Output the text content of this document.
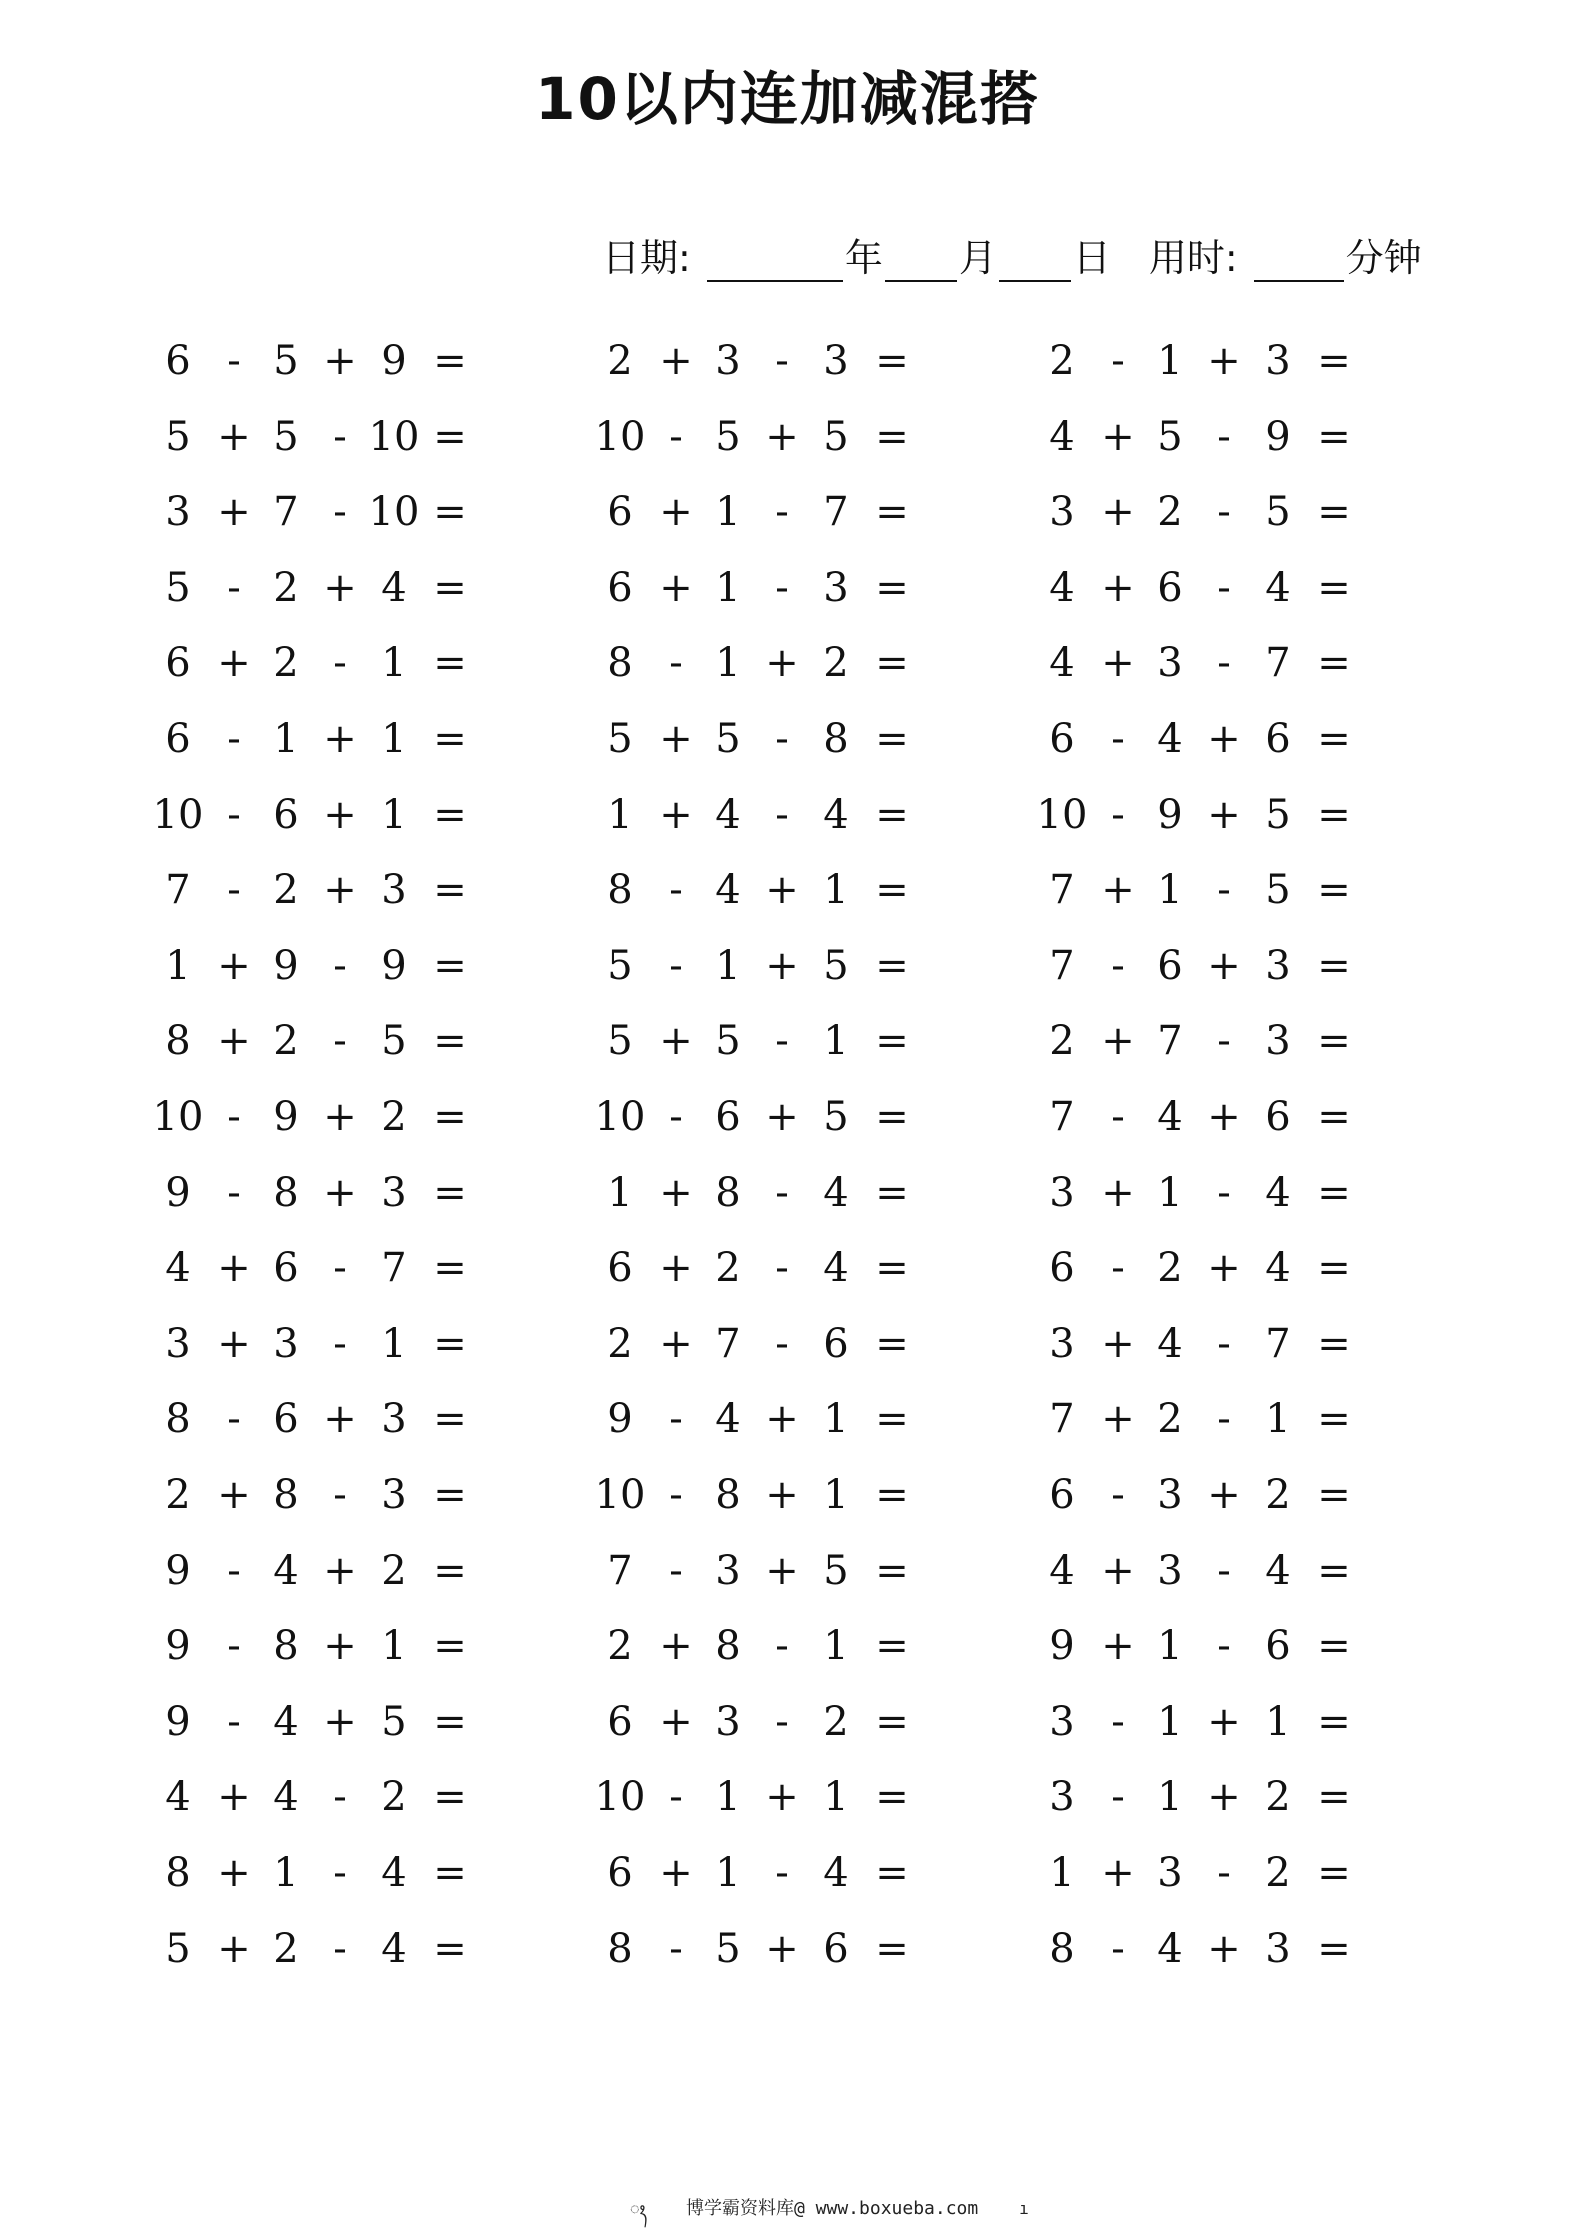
10以内连加减混搭
日期:	年 月 日 用时:	分钟
6 - 5 + 9 =	2 + 3 - 3 =	2 - 1 + 3 =
5 + 5 - 10 =	10 - 5 + 5 =	4 + 5 - 9 =
3 + 7 - 10 =	6 + 1 - 7 =	3 + 2 - 5 =
5 - 2 + 4 =	6 + 1 - 3 =	4 + 6 - 4 =
6 + 2 - 1 =	8 - 1 + 2 =	4 + 3 - 7 =
6 - 1 + 1 =	5 + 5 - 8 =	6 - 4 + 6 =
10 - 6 + 1 =	1 + 4 - 4 =	10 - 9 + 5 =
7 - 2 + 3 =	8 - 4 + 1 =	7 + 1 - 5 =
1 + 9 - 9 =	5 - 1 + 5 =	7 - 6 + 3 =
8 + 2 - 5 =	5 + 5 - 1 =	2 + 7 - 3 =
10 - 9 + 2 =	10 - 6 + 5 =	7 - 4 + 6 =
9 - 8 + 3 =	1 + 8 - 4 =	3 + 1 - 4 =
4 + 6 - 7 =	6 + 2 - 4 =	6 - 2 + 4 =
3 + 3 - 1 =	2 + 7 - 6 =	3 + 4 - 7 =
8 - 6 + 3 =	9 - 4 + 1 =	7 + 2 - 1 =
2 + 8 - 3 =	10 - 8 + 1 =	6 - 3 + 2 =
9 - 4 + 2 =	7 - 3 + 5 =	4 + 3 - 4 =
9 - 8 + 1 =	2 + 8 - 1 =	9 + 1 - 6 =
9 - 4 + 5 =	6 + 3 - 2 =	3 - 1 + 1 =
4 + 4 - 2 =	10 - 1 + 1 =	3 - 1 + 2 =
8 + 1 - 4 =	6 + 1 - 4 =	1 + 3 - 2 =
5 + 2 - 4 =	8 - 5 + 6 =	8 - 4 + 3 =
ꦃ 博学霸资料库@ www.boxueba.com	ı
